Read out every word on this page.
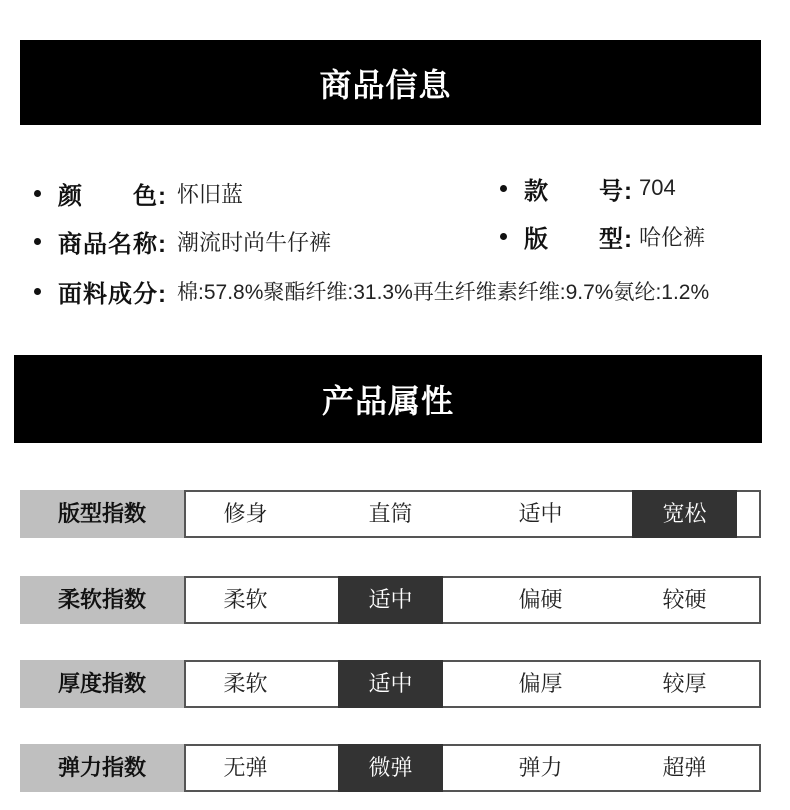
商品信息
颜　　色: 怀旧蓝	款　　号: 704
商品名称: 潮流时尚牛仔裤	版　　型: 哈伦裤
面料成分: 棉:57.8%聚酯纤维:31.3%再生纤维素纤维:9.7%氨纶:1.2%
产品属性
版型指数	修身	直筒	适中	宽松
柔软指数	柔软	适中	偏硬	较硬
厚度指数	柔软	适中	偏厚	较厚
弹力指数	无弹	微弹	弹力	超弹
